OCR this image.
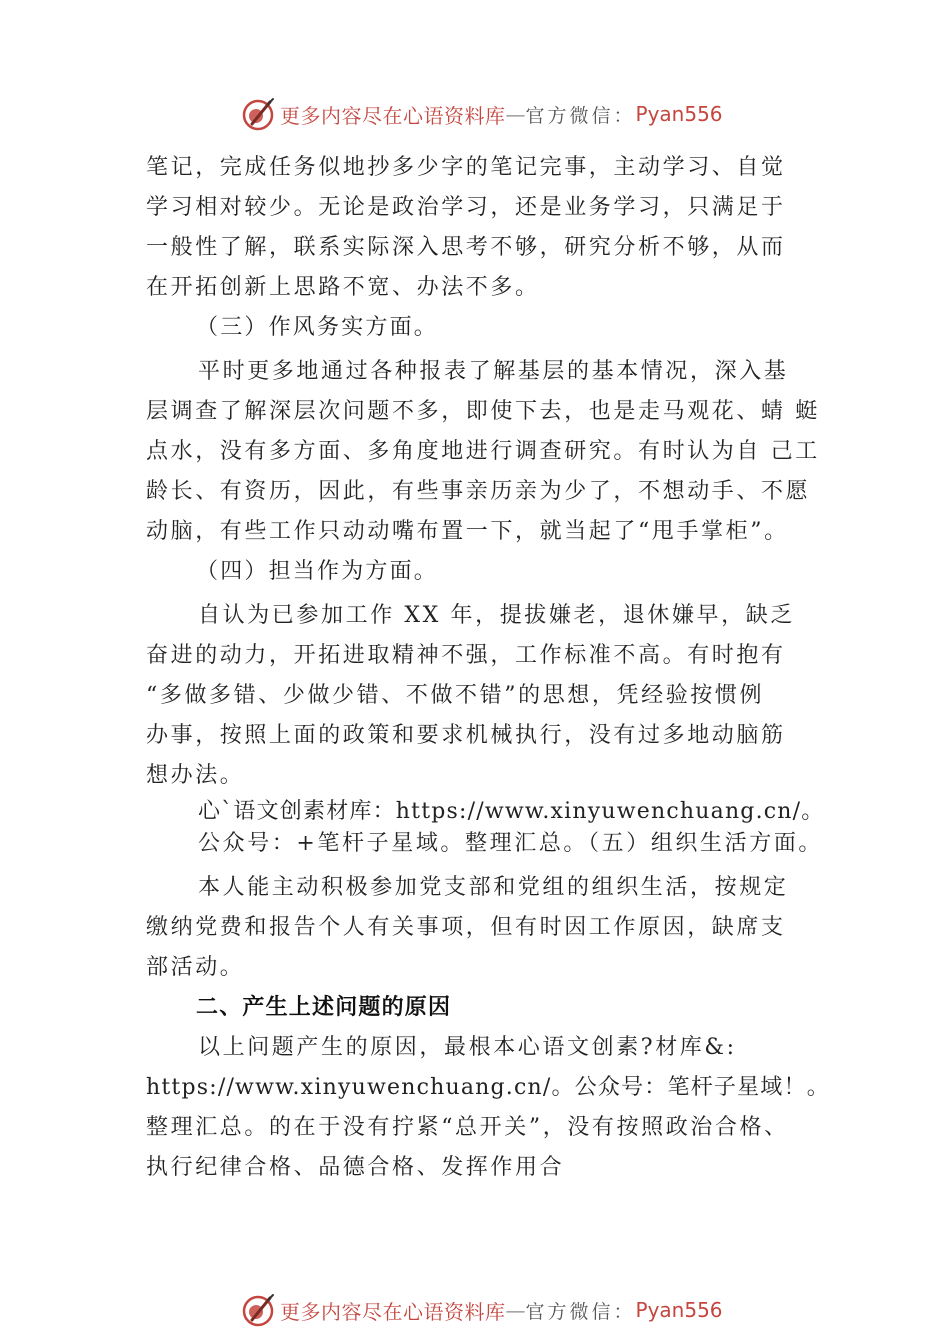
更多内容尽在心语资料库 — 官方微信： Pyan556
笔记，完成任务似地抄多少字的笔记完事，主动学习、自觉
学习相对较少。无论是政治学习，还是业务学习，只满足于
一般性了解，联系实际深入思考不够，研究分析不够，从而
在开拓创新上思路不宽、办法不多。
（三）作风务实方面。
平时更多地通过各种报表了解基层的基本情况，深入基
层调查了解深层次问题不多，即使下去，也是走马观花、蜻 蜓
点水，没有多方面、多角度地进行调查研究。有时认为自 己工
龄长、有资历，因此，有些事亲历亲为少了，不想动手、不愿
动脑，有些工作只动动嘴布置一下，就当起了“甩手掌柜”。
（四）担当作为方面。
自认为已参加工作 XX 年，提拔嫌老，退休嫌早，缺乏
奋进的动力，开拓进取精神不强，工作标准不高。有时抱有
“多做多错、少做少错、不做不错”的思想，凭经验按惯例
办事，按照上面的政策和要求机械执行，没有过多地动脑筋
想办法。
心`语文创素材库：https://www.xinyuwenchuang.cn/。
公众号：+笔杆子星域。整理汇总。（五）组织生活方面。
本人能主动积极参加党支部和党组的组织生活，按规定
缴纳党费和报告个人有关事项，但有时因工作原因，缺席支
部活动。
二、产生上述问题的原因
以上问题产生的原因，最根本心语文创素?材库&:
https://www.xinyuwenchuang.cn/。公众号：笔杆子星域！。
整理汇总。的在于没有拧紧“总开关”，没有按照政治合格、
执行纪律合格、品德合格、发挥作用合
更多内容尽在心语资料库 — 官方微信： Pyan556
